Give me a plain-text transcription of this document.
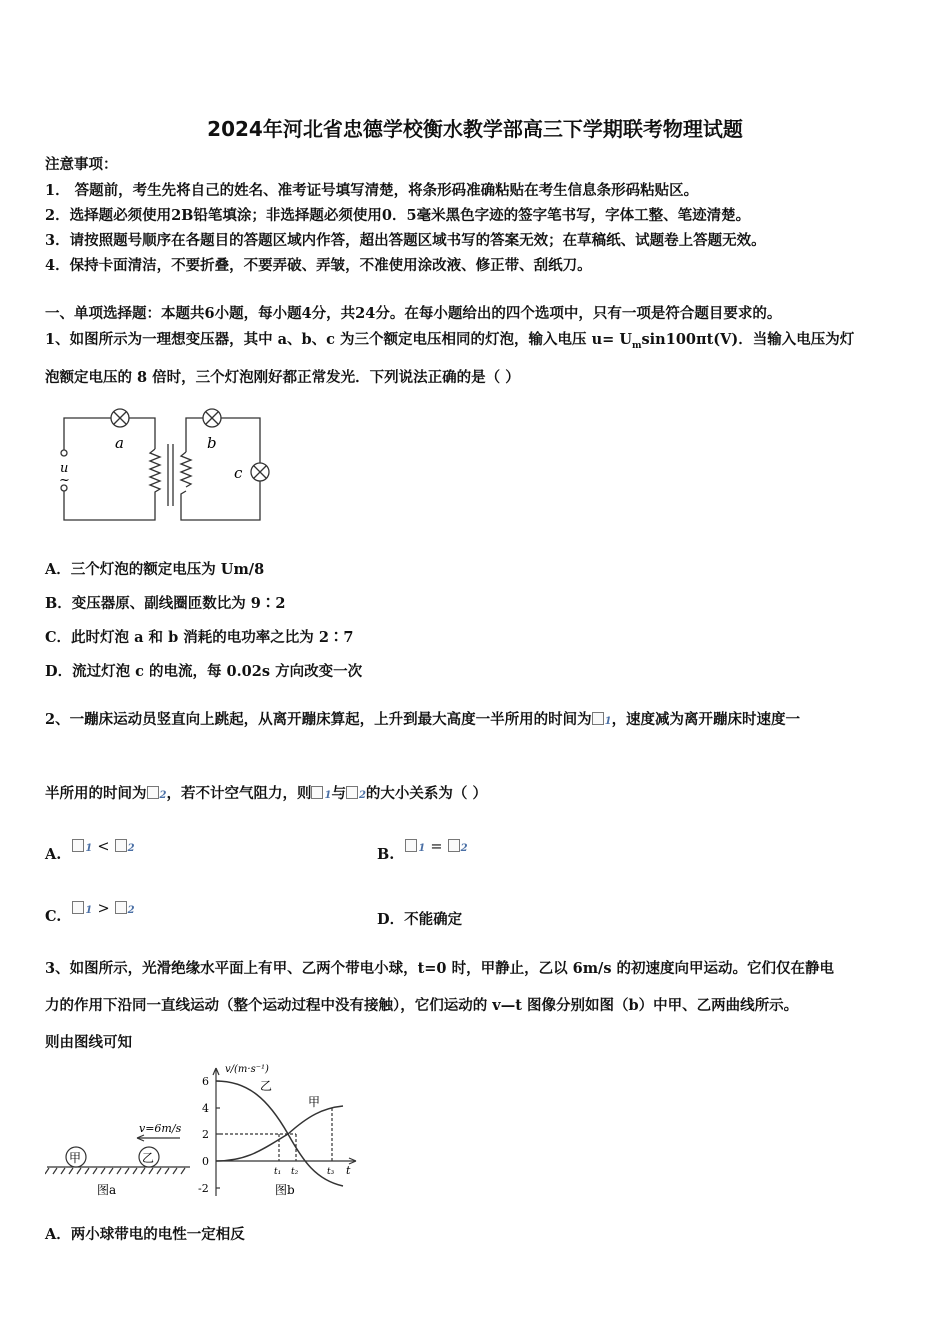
2024年河北省忠德学校衡水教学部高三下学期联考物理试题
注意事项：
1． 答题前，考生先将自己的姓名、准考证号填写清楚，将条形码准确粘贴在考生信息条形码粘贴区。
2．选择题必须使用2B铅笔填涂；非选择题必须使用0．5毫米黑色字迹的签字笔书写，字体工整、笔迹清楚。
3．请按照题号顺序在各题目的答题区域内作答，超出答题区域书写的答案无效；在草稿纸、试题卷上答题无效。
4．保持卡面清洁，不要折叠，不要弄破、弄皱，不准使用涂改液、修正带、刮纸刀。
一、单项选择题：本题共6小题，每小题4分，共24分。在每小题给出的四个选项中，只有一项是符合题目要求的。
1、如图所示为一理想变压器，其中 a、b、c 为三个额定电压相同的灯泡，输入电压 $u= U_m\sin 100\pi t(V)$．当输入电压为灯
泡额定电压的 8 倍时，三个灯泡刚好都正常发光．下列说法正确的是（ ）
a	b
c
u
~
A．三个灯泡的额定电压为 Um/8
B．变压器原、副线圈匝数比为 9∶2
C．此时灯泡 a 和 b 消耗的电功率之比为 2∶7
D．流过灯泡 c 的电流，每 0.02s 方向改变一次
2、一蹦床运动员竖直向上跳起，从离开蹦床算起，上升到最大高度一半所用的时间为 1，速度减为离开蹦床时速度一
半所用的时间为 2，若不计空气阻力，则 1与 2的大小关系为（ ）
A. 1 < 2	B. 1 = 2
C. 1 > 2
D．不能确定
3、如图所示，光滑绝缘水平面上有甲、乙两个带电小球，t=0 时，甲静止，乙以 6m/s 的初速度向甲运动。它们仅在静电
力的作用下沿同一直线运动（整个运动过程中没有接触），它们运动的 v—t 图像分别如图（b）中甲、乙两曲线所示。
则由图线可知
甲	乙
v=6m/s
图a
6
4
2
0
-2
v/(m·s⁻¹)
t
乙
甲
t₁ t₂	t₃
图b
A．两小球带电的电性一定相反
